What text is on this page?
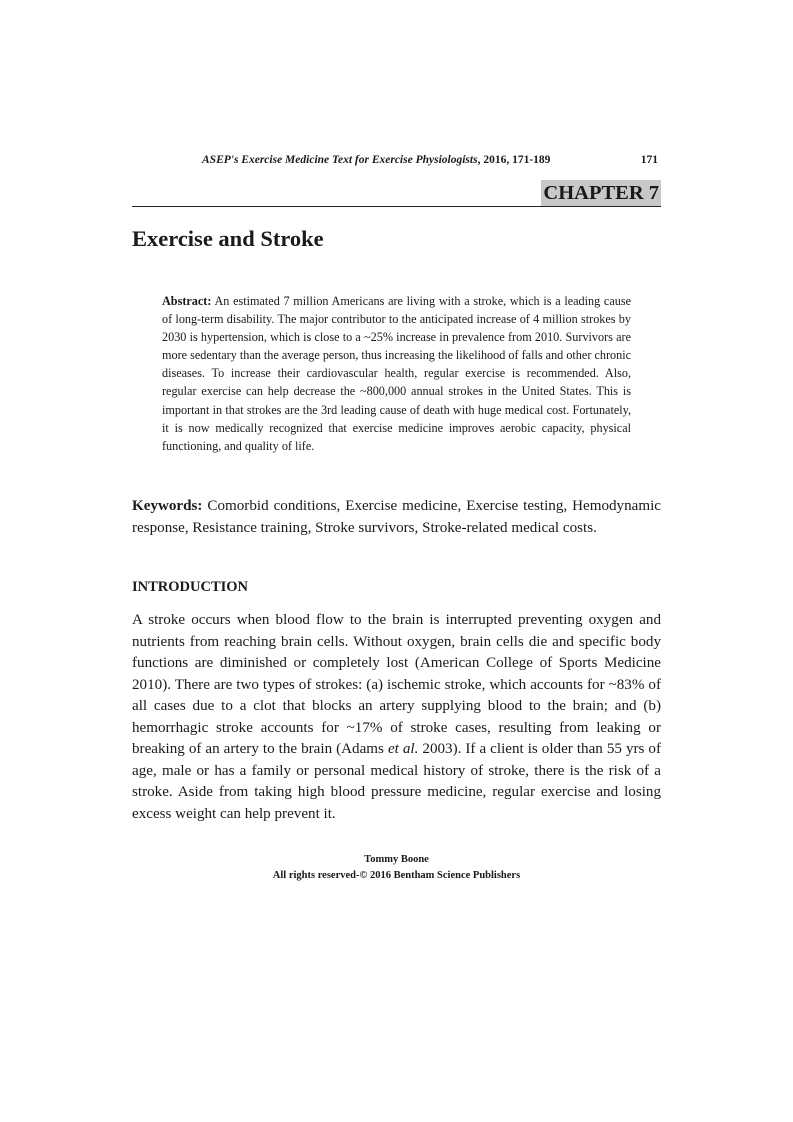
ASEP's Exercise Medicine Text for Exercise Physiologists, 2016, 171-189	171
CHAPTER 7
Exercise and Stroke

Abstract: An estimated 7 million Americans are living with a stroke, which is a leading cause of long-term disability. The major contributor to the anticipated increase of 4 million strokes by 2030 is hypertension, which is close to a ~25% increase in prevalence from 2010. Survivors are more sedentary than the average person, thus increasing the likelihood of falls and other chronic diseases. To increase their cardiovascular health, regular exercise is recommended. Also, regular exercise can help decrease the ~800,000 annual strokes in the United States. This is important in that strokes are the 3rd leading cause of death with huge medical cost. Fortunately, it is now medically recognized that exercise medicine improves aerobic capacity, physical functioning, and quality of life.

Keywords: Comorbid conditions, Exercise medicine, Exercise testing, Hemodynamic response, Resistance training, Stroke survivors, Stroke-related medical costs.

INTRODUCTION

A stroke occurs when blood flow to the brain is interrupted preventing oxygen and nutrients from reaching brain cells. Without oxygen, brain cells die and specific body functions are diminished or completely lost (American College of Sports Medicine 2010). There are two types of strokes: (a) ischemic stroke, which accounts for ~83% of all cases due to a clot that blocks an artery supplying blood to the brain; and (b) hemorrhagic stroke accounts for ~17% of stroke cases, resulting from leaking or breaking of an artery to the brain (Adams et al. 2003). If a client is older than 55 yrs of age, male or has a family or personal medical history of stroke, there is the risk of a stroke. Aside from taking high blood pressure medicine, regular exercise and losing excess weight can help prevent it.

Tommy Boone
All rights reserved-© 2016 Bentham Science Publishers
